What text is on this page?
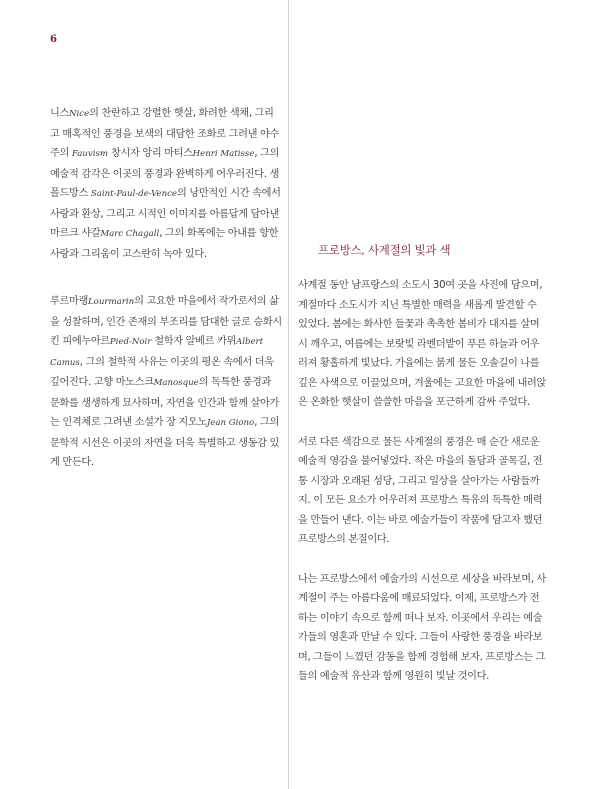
6

니스Nice의 찬란하고 강렬한 햇살, 화려한 색채, 그리고 매혹적인 풍경을 보색의 대담한 조화로 그려낸 야수주의 Fauvism 창시자 앙리 마티스Henri Matisse, 그의 예술적 감각은 이곳의 풍경과 완벽하게 어우러진다. 생폴드방스 Saint-Paul-de-Vence의 낭만적인 시간 속에서 사랑과 환상, 그리고 시적인 이미지를 아름답게 담아낸 마르크 샤갈Marc Chagall, 그의 화폭에는 아내를 향한 사랑과 그리움이 고스란히 녹아 있다.

루르마랭Lourmarin의 고요한 마을에서 작가로서의 삶을 성찰하며, 인간 존재의 부조리를 담대한 글로 승화시킨 피에누아르Pied-Noir 철학자 알베르 카뮈Albert Camus, 그의 철학적 사유는 이곳의 평온 속에서 더욱 깊어진다. 고향 마노스크Manosque의 독특한 풍경과 문화를 생생하게 묘사하며, 자연을 인간과 함께 살아가는 인격체로 그려낸 소설가 장 지오노Jean Giono, 그의 문학적 시선은 이곳의 자연을 더욱 특별하고 생동감 있게 만든다.

프로방스, 사계절의 빛과 색

사계절 동안 남프랑스의 소도시 30여 곳을 사진에 담으며, 계절마다 소도시가 지닌 특별한 매력을 새롭게 발견할 수 있었다. 봄에는 화사한 들꽃과 촉촉한 봄비가 대지를 살며시 깨우고, 여름에는 보랏빛 라벤더밭이 푸른 하늘과 어우러져 황홀하게 빛났다. 가을에는 붉게 물든 오솔길이 나를 깊은 사색으로 이끌었으며, 겨울에는 고요한 마을에 내려앉은 온화한 햇살이 쓸쓸한 마음을 포근하게 감싸 주었다.

서로 다른 색감으로 물든 사계절의 풍경은 매 순간 새로운 예술적 영감을 불어넣었다. 작은 마을의 돌담과 골목길, 전통 시장과 오래된 성당, 그리고 일상을 살아가는 사람들까지. 이 모든 요소가 어우러져 프로방스 특유의 독특한 매력을 만들어 낸다. 이는 바로 예술가들이 작품에 담고자 했던 프로방스의 본질이다.

나는 프로방스에서 예술가의 시선으로 세상을 바라보며, 사계절이 주는 아름다움에 매료되었다. 이제, 프로방스가 전하는 이야기 속으로 함께 떠나 보자. 이곳에서 우리는 예술가들의 영혼과 만날 수 있다. 그들이 사랑한 풍경을 바라보며, 그들이 느꼈던 감동을 함께 경험해 보자. 프로방스는 그들의 예술적 유산과 함께 영원히 빛날 것이다.
